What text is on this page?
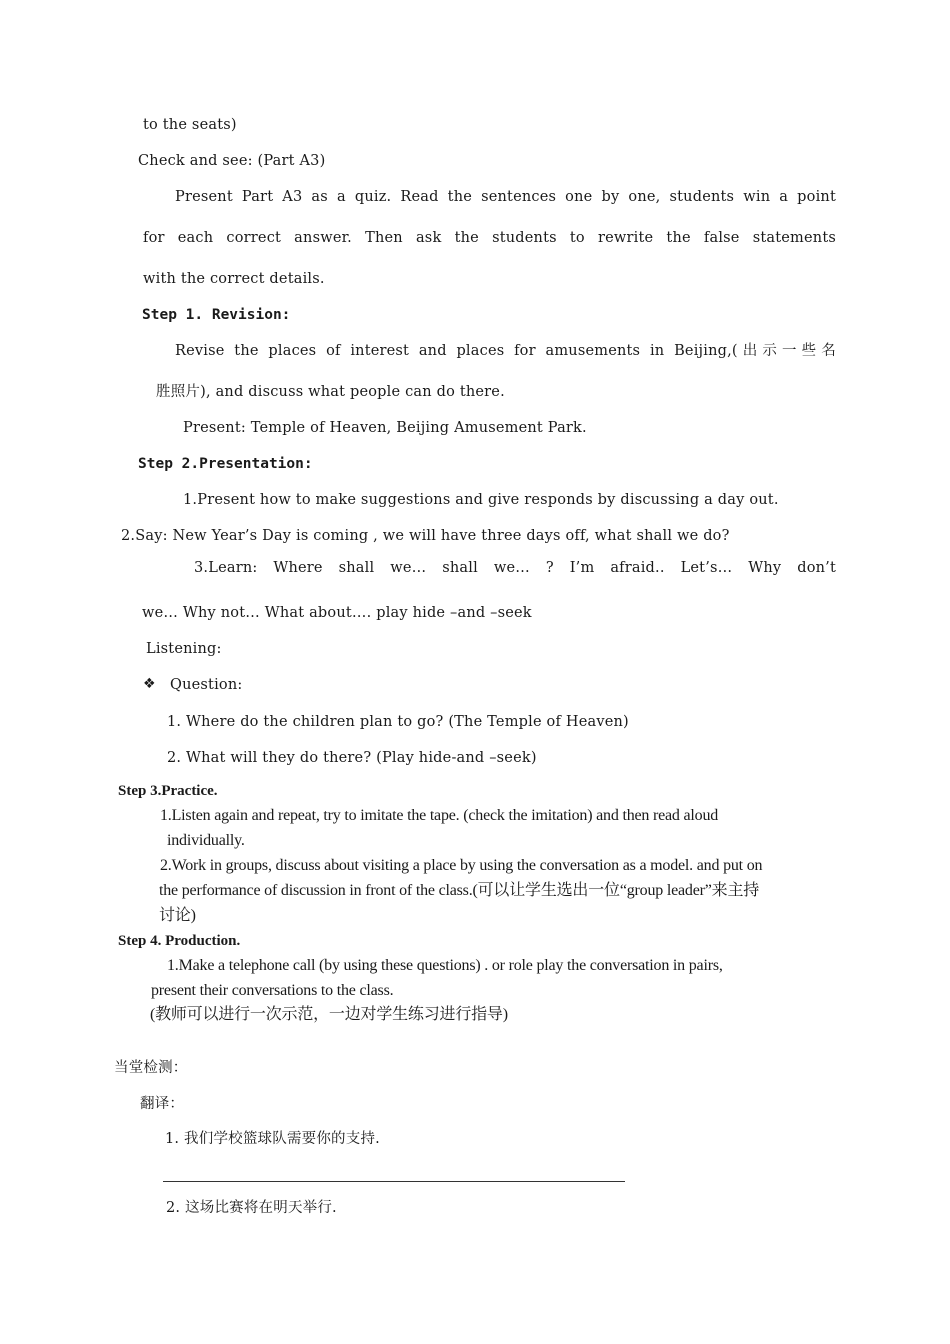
to the seats)
Check and see: (Part A3)
Present Part A3 as a quiz. Read the sentences one by one, students win a point
for each correct answer. Then ask the students to rewrite the false statements
with the correct details.
Step 1. Revision:
Revise the places of interest and places for amusements in Beijing,(出示一些名
胜照片), and discuss what people can do there.
Present: Temple of Heaven, Beijing Amusement Park.
Step 2.Presentation:
1.Present how to make suggestions and give responds by discussing a day out.
2.Say: New Year’s Day is coming , we will have three days off, what shall we do?
3.Learn: Where shall we… shall we… ? I’m afraid.. Let’s… Why don’t
we… Why not… What about…. play hide –and –seek
Listening:
❖ Question:
1. Where do the children plan to go? (The Temple of Heaven)
2. What will they do there? (Play hide-and –seek)
Step 3.Practice.
1.Listen again and repeat, try to imitate the tape. (check the imitation) and then read aloud
individually.
2.Work in groups, discuss about visiting a place by using the conversation as a model. and put on
the performance of discussion in front of the class.(可以让学生选出一位“group leader”来主持
讨论)
Step 4. Production.
1.Make a telephone call (by using these questions) . or role play the conversation in pairs,
present their conversations to the class.
(教师可以进行一次示范，一边对学生练习进行指导)
当堂检测：
翻译：
1. 我们学校篮球队需要你的支持.
2. 这场比赛将在明天举行.
